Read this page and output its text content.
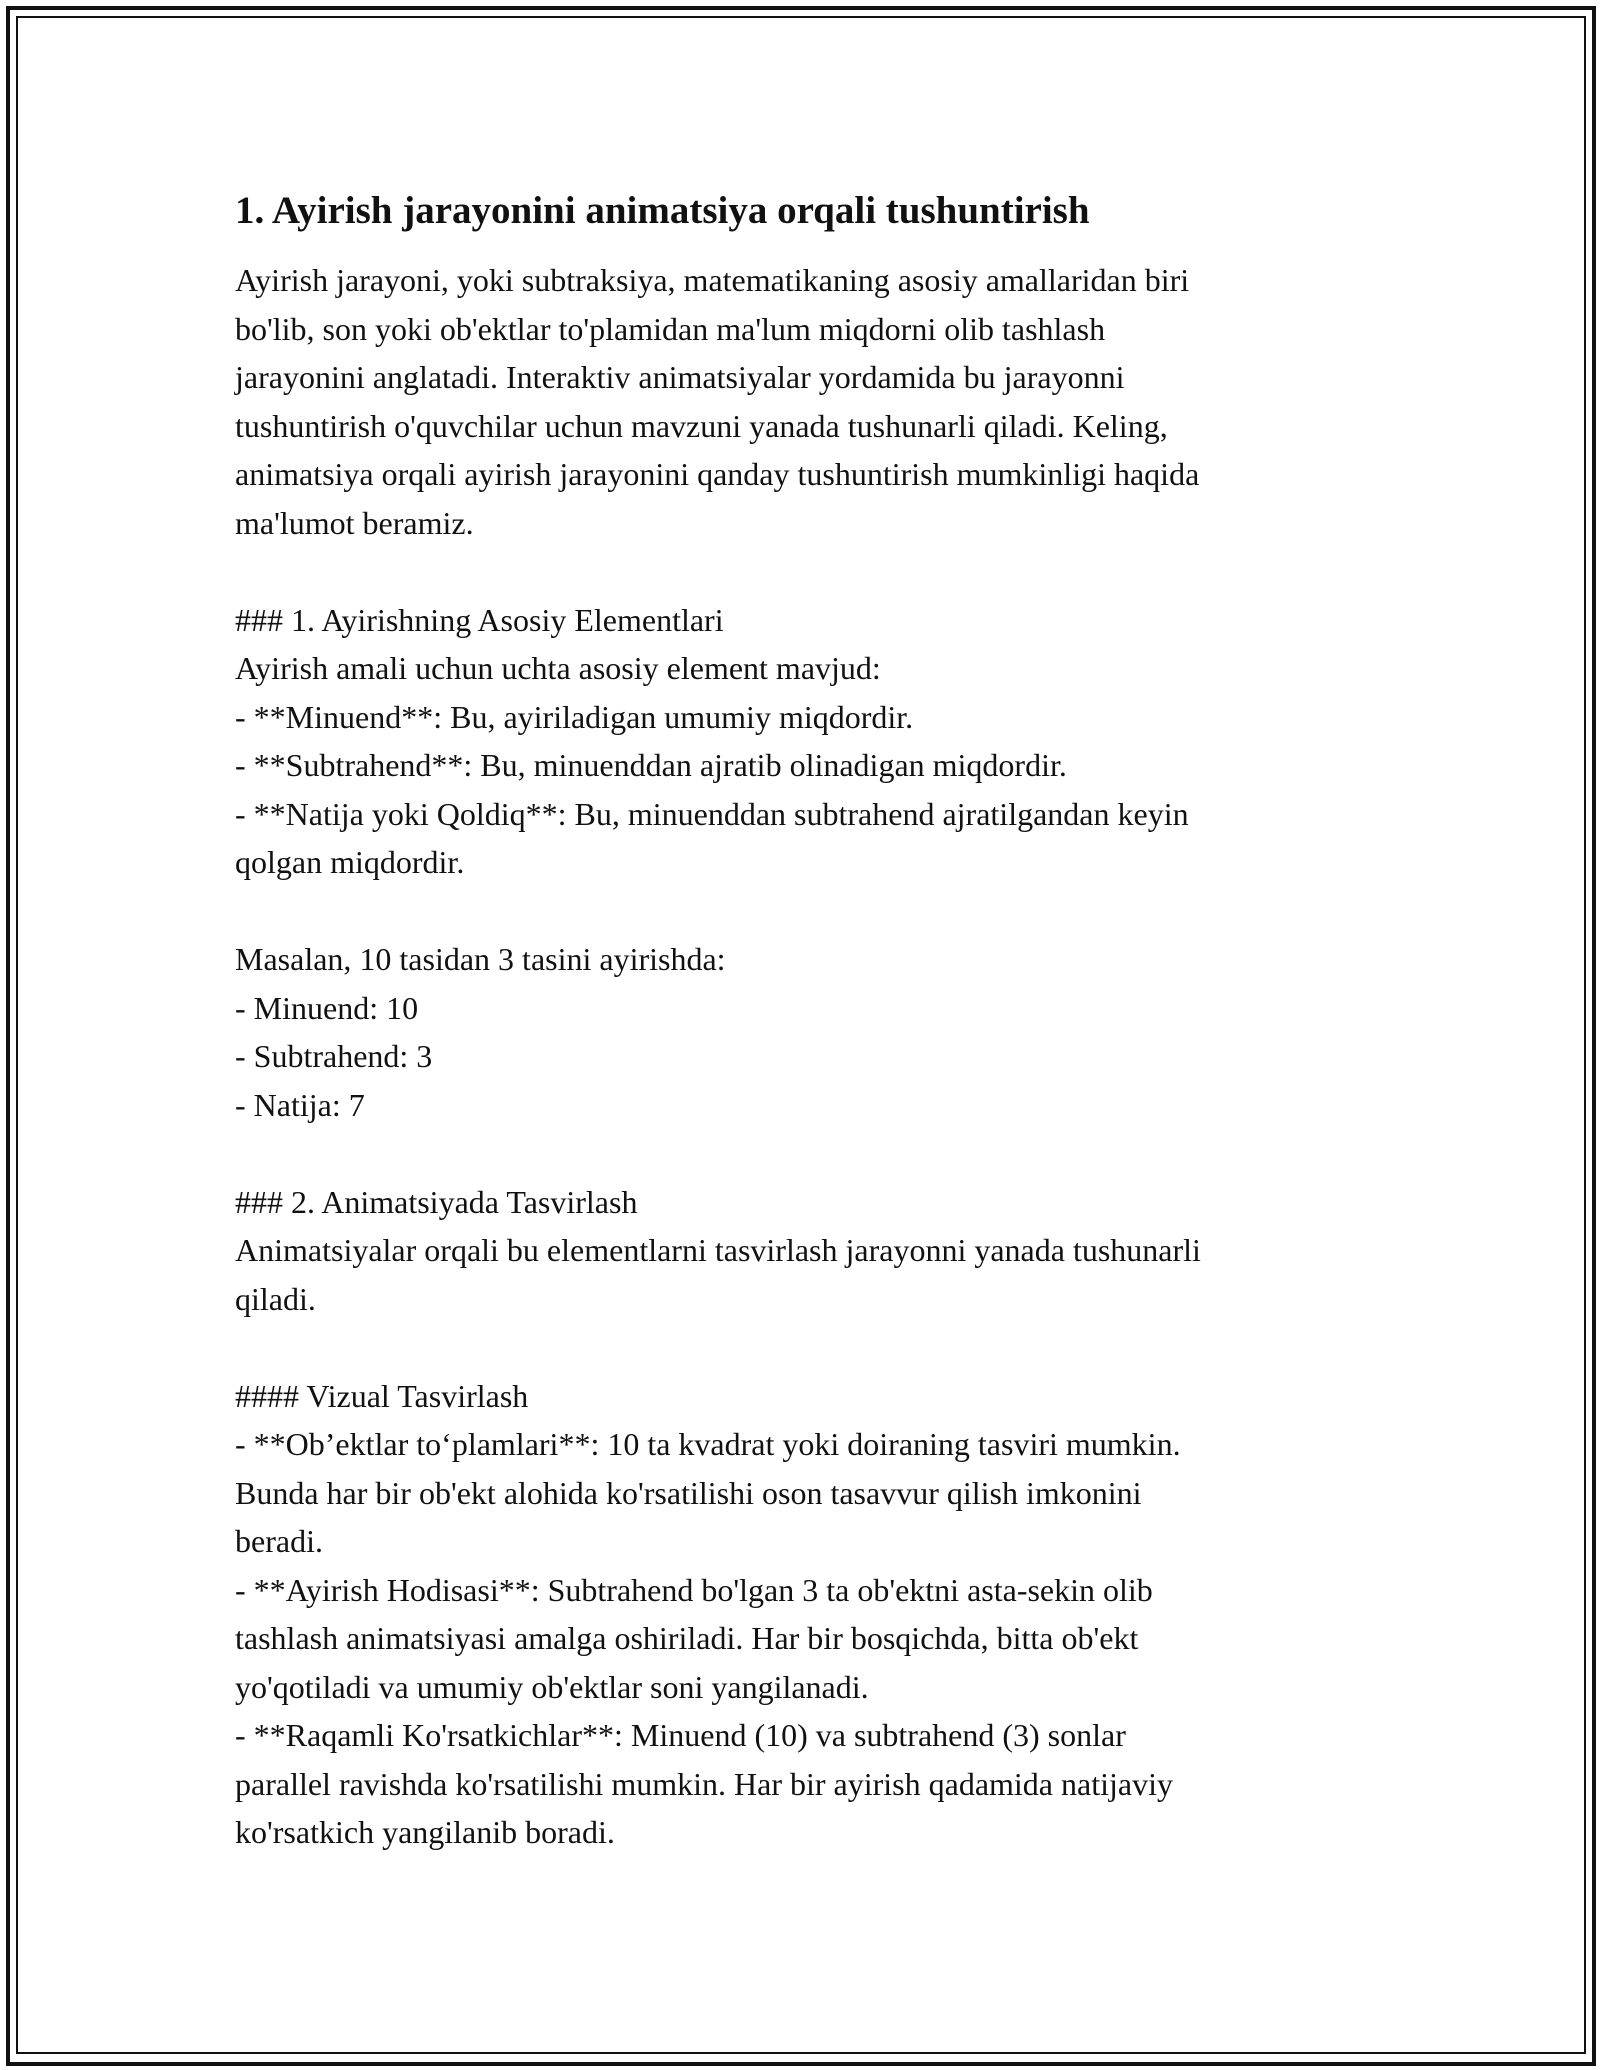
1. Ayirish jarayonini animatsiya orqali tushuntirish
Ayirish jarayoni, yoki subtraksiya, matematikaning asosiy amallaridan biri
bo'lib, son yoki ob'ektlar to'plamidan ma'lum miqdorni olib tashlash
jarayonini anglatadi. Interaktiv animatsiyalar yordamida bu jarayonni
tushuntirish o'quvchilar uchun mavzuni yanada tushunarli qiladi. Keling,
animatsiya orqali ayirish jarayonini qanday tushuntirish mumkinligi haqida
ma'lumot beramiz.
### 1. Ayirishning Asosiy Elementlari
Ayirish amali uchun uchta asosiy element mavjud:
- **Minuend**: Bu, ayiriladigan umumiy miqdordir.
- **Subtrahend**: Bu, minuenddan ajratib olinadigan miqdordir.
- **Natija yoki Qoldiq**: Bu, minuenddan subtrahend ajratilgandan keyin
qolgan miqdordir.
Masalan, 10 tasidan 3 tasini ayirishda:
- Minuend: 10
- Subtrahend: 3
- Natija: 7
### 2. Animatsiyada Tasvirlash
Animatsiyalar orqali bu elementlarni tasvirlash jarayonni yanada tushunarli
qiladi.
#### Vizual Tasvirlash
- **Ob’ektlar to‘plamlari**: 10 ta kvadrat yoki doiraning tasviri mumkin.
Bunda har bir ob'ekt alohida ko'rsatilishi oson tasavvur qilish imkonini
beradi.
- **Ayirish Hodisasi**: Subtrahend bo'lgan 3 ta ob'ektni asta-sekin olib
tashlash animatsiyasi amalga oshiriladi. Har bir bosqichda, bitta ob'ekt
yo'qotiladi va umumiy ob'ektlar soni yangilanadi.
- **Raqamli Ko'rsatkichlar**: Minuend (10) va subtrahend (3) sonlar
parallel ravishda ko'rsatilishi mumkin. Har bir ayirish qadamida natijaviy
ko'rsatkich yangilanib boradi.
